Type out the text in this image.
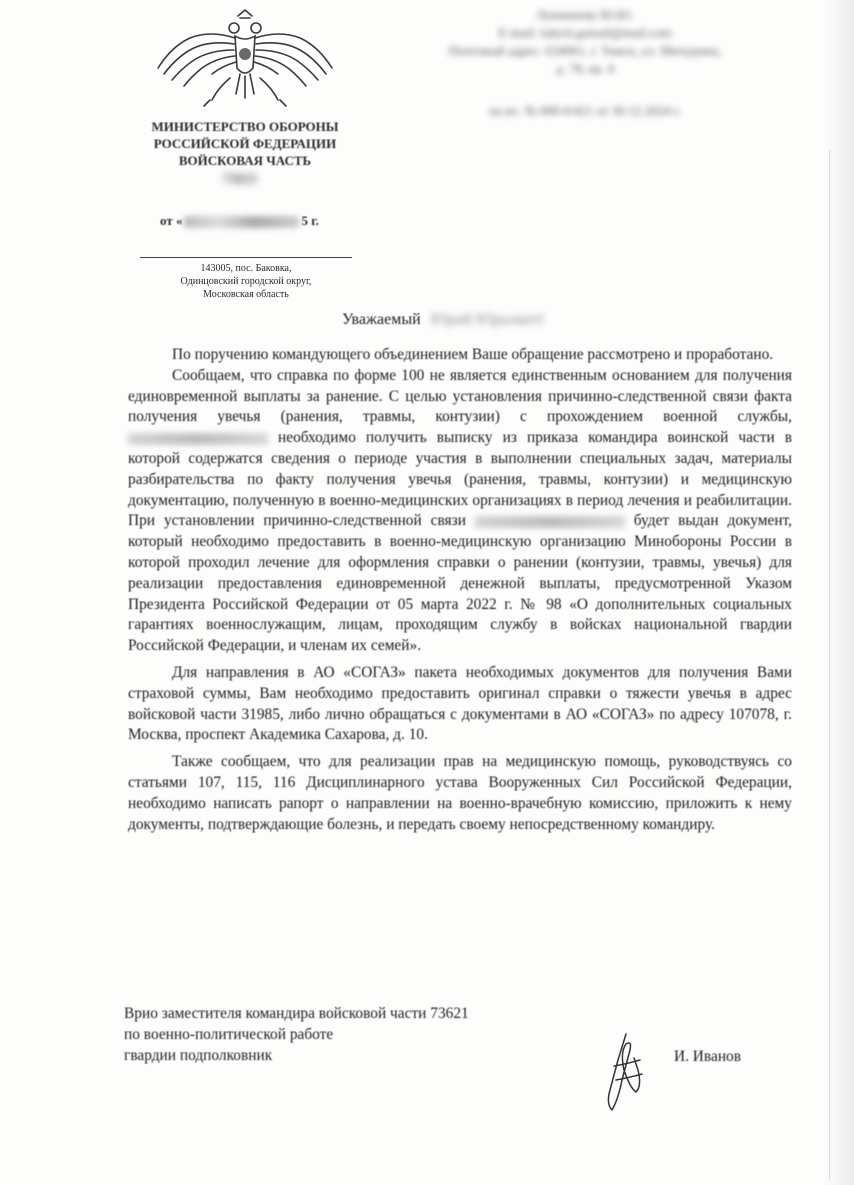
МИНИСТЕРСТВО ОБОРОНЫ
РОССИЙСКОЙ ФЕДЕРАЦИИ
ВОЙСКОВАЯ ЧАСТЬ
73621
от «	5 г.
143005, пос. Баковка,
Одинцовский городской округ,
Московская область
Лукманову Ю.Ю.
E-mail: lukich.gsmail@mail.com
Почтовый адрес: 634061, г. Томск, ул. Мичурина,
д. 78, кв. 4
на вх. № 000-0/421 от 30.12.2024 г.
Уважаемый Юрий Юрьевич!

По поручению командующего объединением Ваше обращение рассмотрено и проработано.

Сообщаем, что справка по форме 100 не является единственным основанием для получения единовременной выплаты за ранение. С целью установления причинно-следственной связи факта получения увечья (ранения, травмы, контузии) с прохождением военной службы,  необходимо получить выписку из приказа командира воинской части в которой содержатся сведения о периоде участия в выполнении специальных задач, материалы разбирательства по факту получения увечья (ранения, травмы, контузии) и медицинскую документацию, полученную в военно-медицинских организациях в период лечения и реабилитации. При установлении причинно-следственной связи	будет выдан документ, который необходимо предоставить в военно-медицинскую организацию Минобороны России в которой проходил лечение для оформления справки о ранении (контузии, травмы, увечья) для реализации предоставления единовременной денежной выплаты, предусмотренной Указом Президента Российской Федерации от 05 марта 2022 г. № 98 «О дополнительных социальных гарантиях военнослужащим, лицам, проходящим службу в войсках национальной гвардии Российской Федерации, и членам их семей».

Для направления в АО «СОГАЗ» пакета необходимых документов для получения Вами страховой суммы, Вам необходимо предоставить оригинал справки о тяжести увечья в адрес войсковой части 31985, либо лично обращаться с документами в АО «СОГАЗ» по адресу 107078, г. Москва, проспект Академика Сахарова, д. 10.

Также сообщаем, что для реализации прав на медицинскую помощь, руководствуясь со статьями 107, 115, 116 Дисциплинарного устава Вооруженных Сил Российской Федерации, необходимо написать рапорт о направлении на военно-врачебную комиссию, приложить к нему документы, подтверждающие болезнь, и передать своему непосредственному командиру.

Врио заместителя командира войсковой части 73621
по военно-политической работе
гвардии подполковник	И. Иванов
